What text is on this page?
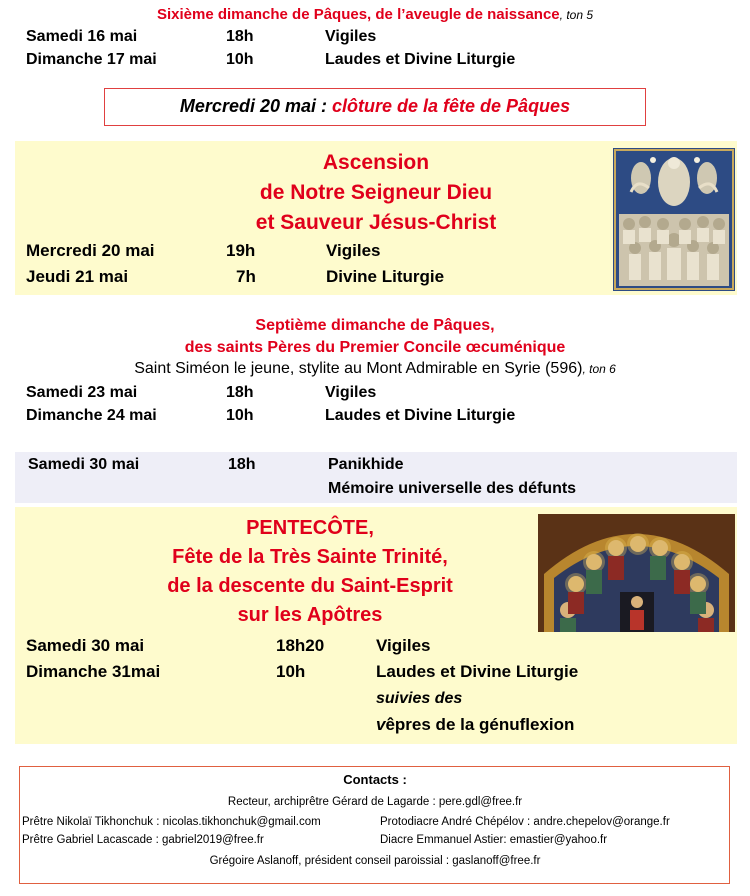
Sixième dimanche de Pâques, de l’aveugle de naissance, ton 5
Samedi 16 mai	18h	Vigiles
Dimanche 17 mai	10h	Laudes et Divine Liturgie
Mercredi 20 mai : clôture de la fête de Pâques
Ascension
de Notre Seigneur Dieu
et Sauveur Jésus-Christ
Mercredi 20 mai	19h	Vigiles
Jeudi 21 mai	7h	Divine Liturgie
Septième dimanche de Pâques,
des saints Pères du Premier Concile œcuménique
Saint Siméon le jeune, stylite au Mont Admirable en Syrie (596), ton 6
Samedi 23 mai	18h	Vigiles
Dimanche 24 mai	10h	Laudes et Divine Liturgie
Samedi 30 mai	18h	Panikhide
Mémoire universelle des défunts
PENTECÔTE,
Fête de la Très Sainte Trinité,
de la descente du Saint-Esprit
sur les Apôtres
Samedi 30 mai	18h20	Vigiles
Dimanche 31mai	10h	Laudes et Divine Liturgie
suivies des
vêpres de la génuflexion
Contacts :
Recteur, archiprêtre Gérard de Lagarde : pere.gdl@free.fr
Prêtre Nikolaï Tikhonchuk : nicolas.tikhonchuk@gmail.com	Protodiacre André Chépélov : andre.chepelov@orange.fr
Prêtre Gabriel Lacascade : gabriel2019@free.fr	Diacre Emmanuel Astier: emastier@yahoo.fr
Grégoire Aslanoff, président conseil paroissial : gaslanoff@free.fr
